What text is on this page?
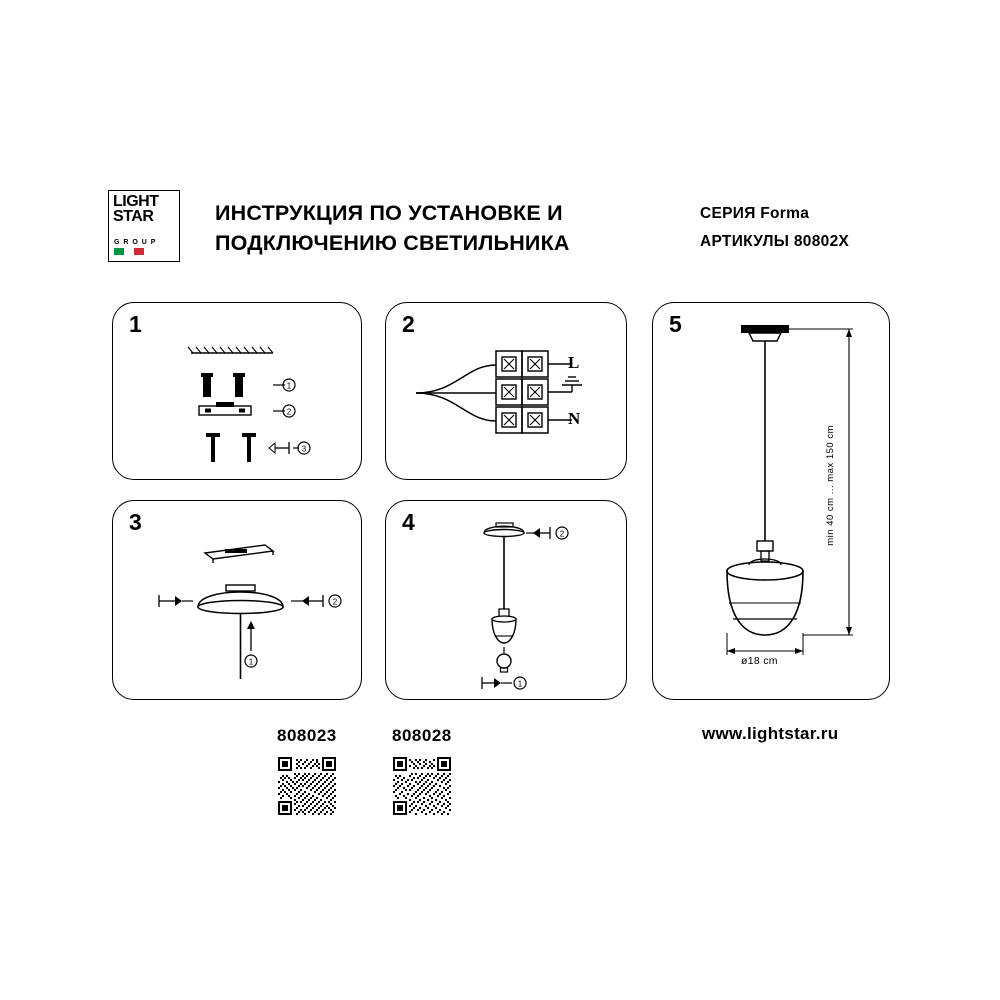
LIGHT
STAR
G R O U P
ИНСТРУКЦИЯ ПО УСТАНОВКЕ И
ПОДКЛЮЧЕНИЮ СВЕТИЛЬНИКА
СЕРИЯ Forma
АРТИКУЛЫ 80802X
1
1
2
3
2
L
N
3
1
2
4	2
1
5
min 40 cm ... max 150 cm
ø18 cm
808023	808028	www.lightstar.ru
